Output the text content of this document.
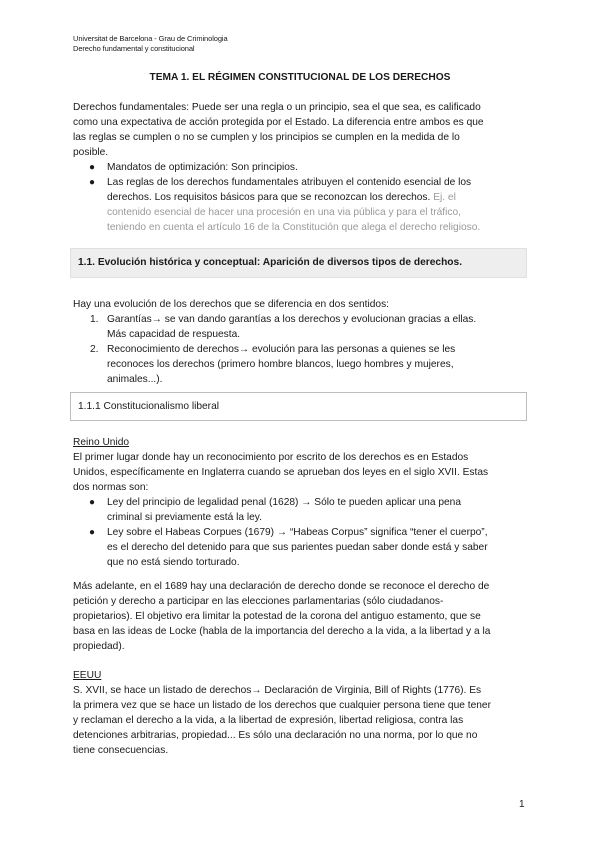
Universitat de Barcelona - Grau de Criminologia
Derecho fundamental y constitucional
TEMA 1. EL RÉGIMEN CONSTITUCIONAL DE LOS DERECHOS
Derechos fundamentales: Puede ser una regla o un principio, sea el que sea, es calificado
como una expectativa de acción protegida por el Estado. La diferencia entre ambos es que
las reglas se cumplen o no se cumplen y los principios se cumplen en la medida de lo
posible.
● Mandatos de optimización: Son principios.
● Las reglas de los derechos fundamentales atribuyen el contenido esencial de los
derechos. Los requisitos básicos para que se reconozcan los derechos. Ej. el
contenido esencial de hacer una procesión en una via pública y para el tráfico,
teniendo en cuenta el artículo 16 de la Constitución que alega el derecho religioso.
1.1. Evolución histórica y conceptual: Aparición de diversos tipos de derechos.
Hay una evolución de los derechos que se diferencia en dos sentidos:
1. Garantías→ se van dando garantías a los derechos y evolucionan gracias a ellas.
Más capacidad de respuesta.
2. Reconocimiento de derechos→ evolución para las personas a quienes se les
reconoces los derechos (primero hombre blancos, luego hombres y mujeres,
animales...).
1.1.1 Constitucionalismo liberal
Reino Unido
El primer lugar donde hay un reconocimiento por escrito de los derechos es en Estados
Unidos, específicamente en Inglaterra cuando se aprueban dos leyes en el siglo XVII. Estas
dos normas son:
● Ley del principio de legalidad penal (1628) → Sólo te pueden aplicar una pena
criminal si previamente está la ley.
● Ley sobre el Habeas Corpues (1679) → “Habeas Corpus” significa “tener el cuerpo”,
es el derecho del detenido para que sus parientes puedan saber donde está y saber
que no está siendo torturado.
Más adelante, en el 1689 hay una declaración de derecho donde se reconoce el derecho de
petición y derecho a participar en las elecciones parlamentarias (sólo ciudadanos-
propietarios). El objetivo era limitar la potestad de la corona del antiguo estamento, que se
basa en las ideas de Locke (habla de la importancia del derecho a la vida, a la libertad y a la
propiedad).
EEUU
S. XVII, se hace un listado de derechos→ Declaración de Virginia, Bill of Rights (1776). Es
la primera vez que se hace un listado de los derechos que cualquier persona tiene que tener
y reclaman el derecho a la vida, a la libertad de expresión, libertad religiosa, contra las
detenciones arbitrarias, propiedad... Es sólo una declaración no una norma, por lo que no
tiene consecuencias.
1
